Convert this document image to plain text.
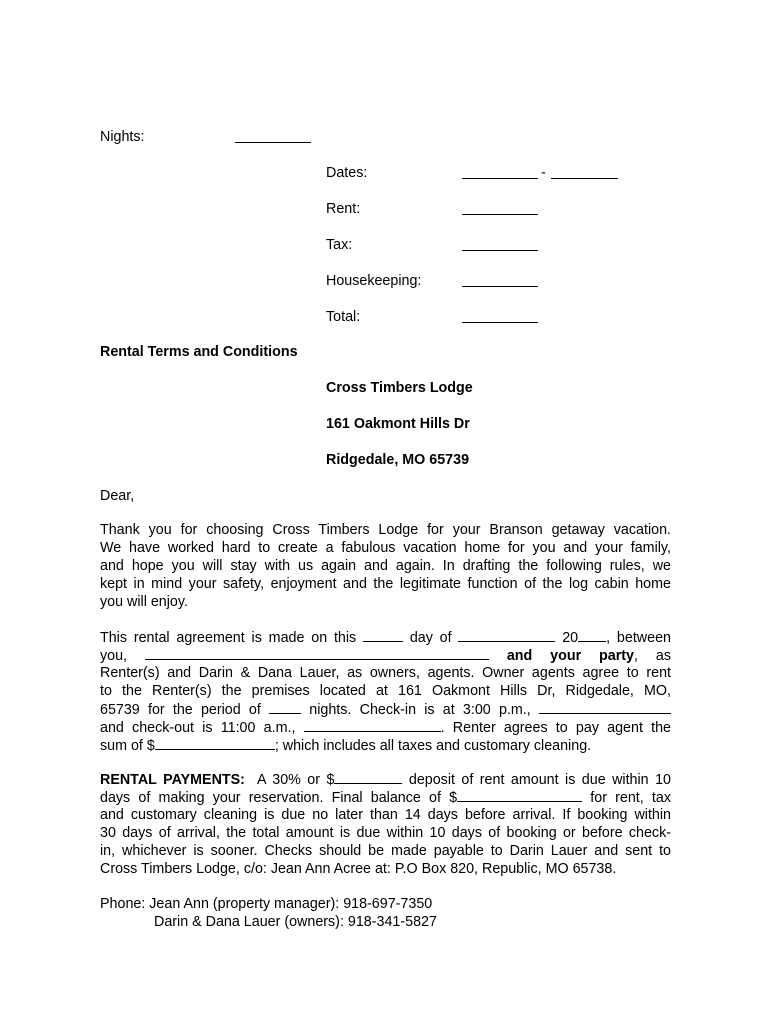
Nights:
Dates:	-
Rent:
Tax:
Housekeeping:
Total:
Rental Terms and Conditions
Cross Timbers Lodge
161 Oakmont Hills Dr
Ridgedale, MO 65739
Dear,
Thank you for choosing Cross Timbers Lodge for your Branson getaway vacation.
We have worked hard to create a fabulous vacation home for you and your family,
and hope you will stay with us again and again. In drafting the following rules, we
kept in mind your safety, enjoyment and the legitimate function of the log cabin home
you will enjoy.
This rental agreement is made on this	day of	20 , between
you,	and your party, as
Renter(s) and Darin & Dana Lauer, as owners, agents. Owner agents agree to rent
to the Renter(s) the premises located at 161 Oakmont Hills Dr, Ridgedale, MO,
65739 for the period of	nights. Check-in is at 3:00 p.m.,
and check-out is 11:00 a.m.,	. Renter agrees to pay agent the
sum of $	; which includes all taxes and customary cleaning.
RENTAL PAYMENTS: A 30% or $	deposit of rent amount is due within 10
days of making your reservation. Final balance of $	for rent, tax
and customary cleaning is due no later than 14 days before arrival. If booking within
30 days of arrival, the total amount is due within 10 days of booking or before check-
in, whichever is sooner. Checks should be made payable to Darin Lauer and sent to
Cross Timbers Lodge, c/o: Jean Ann Acree at: P.O Box 820, Republic, MO 65738.
Phone: Jean Ann (property manager): 918-697-7350
Darin & Dana Lauer (owners): 918-341-5827
